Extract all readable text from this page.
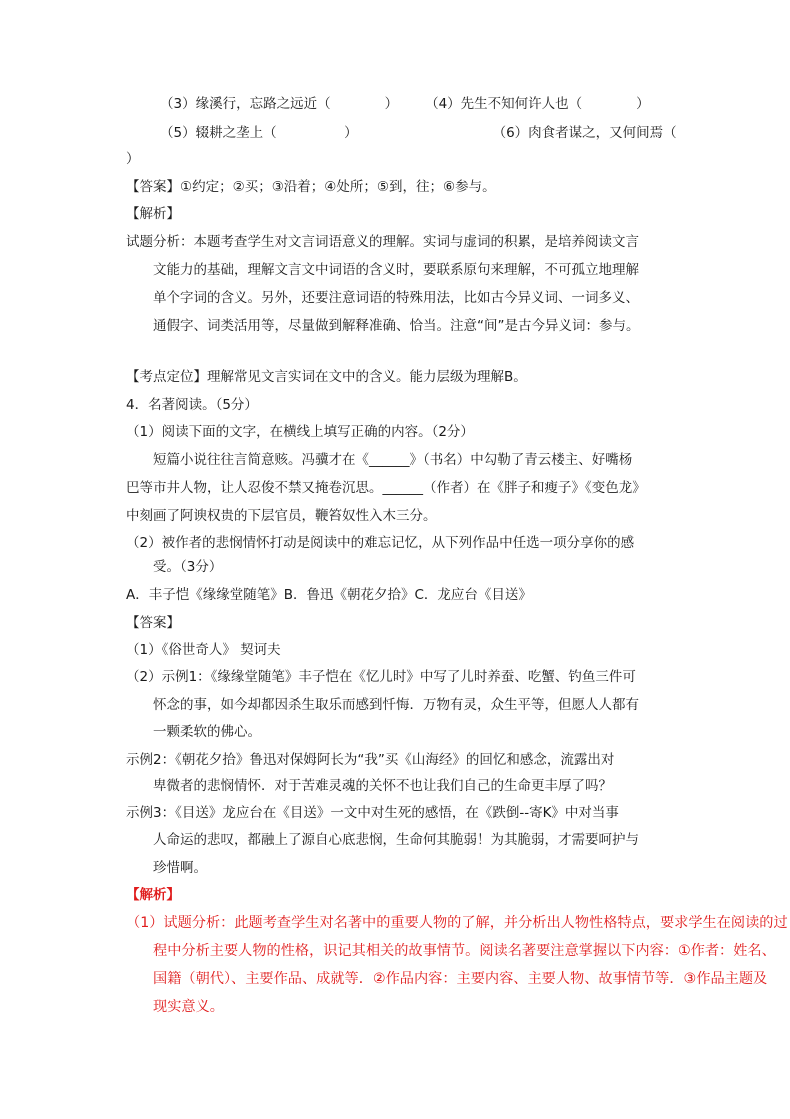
（3）缘溪行，忘路之远近（　　　　）　　　（4）先生不知何许人也（　　　　）
（5）辍耕之垄上（　　　　　）　　　　　　　　　　　（6）肉食者谋之，又何间焉（
）
【答案】①约定；②买；③沿着；④处所；⑤到，往；⑥参与。
【解析】
试题分析：本题考查学生对文言词语意义的理解。实词与虚词的积累，是培养阅读文言
文能力的基础，理解文言文中词语的含义时，要联系原句来理解，不可孤立地理解
单个字词的含义。另外，还要注意词语的特殊用法，比如古今异义词、一词多义、
通假字、词类活用等，尽量做到解释准确、恰当。注意“间”是古今异义词：参与。
【考点定位】理解常见文言实词在文中的含义。能力层级为理解B。
4．名著阅读。（5分）
（1）阅读下面的文字，在横线上填写正确的内容。（2分）
短篇小说往往言简意赅。冯骥才在《______》（书名）中勾勒了青云楼主、好嘴杨
巴等市井人物，让人忍俊不禁又掩卷沉思。______（作者）在《胖子和瘦子》《变色龙》
中刻画了阿谀权贵的下层官员，鞭笞奴性入木三分。
（2）被作者的悲悯情怀打动是阅读中的难忘记忆，从下列作品中任选一项分享你的感
受。（3分）
A．丰子恺《缘缘堂随笔》B．鲁迅《朝花夕拾》C．龙应台《目送》
【答案】
（1）《俗世奇人》 契诃夫
（2）示例1：《缘缘堂随笔》丰子恺在《忆儿时》中写了儿时养蚕、吃蟹、钓鱼三件可
怀念的事，如今却都因杀生取乐而感到忏悔．万物有灵，众生平等，但愿人人都有
一颗柔软的佛心。
示例2：《朝花夕拾》鲁迅对保姆阿长为“我”买《山海经》的回忆和感念，流露出对
卑微者的悲悯情怀．对于苦难灵魂的关怀不也让我们自己的生命更丰厚了吗？
示例3：《目送》龙应台在《目送》一文中对生死的感悟，在《跌倒--寄K》中对当事
人命运的悲叹，都融上了源自心底悲悯，生命何其脆弱！为其脆弱，才需要呵护与
珍惜啊。
【解析】
（1）试题分析：此题考查学生对名著中的重要人物的了解，并分析出人物性格特点，要求学生在阅读的过
程中分析主要人物的性格，识记其相关的故事情节。阅读名著要注意掌握以下内容：①作者：姓名、
国籍（朝代）、主要作品、成就等．②作品内容：主要内容、主要人物、故事情节等．③作品主题及
现实意义。
